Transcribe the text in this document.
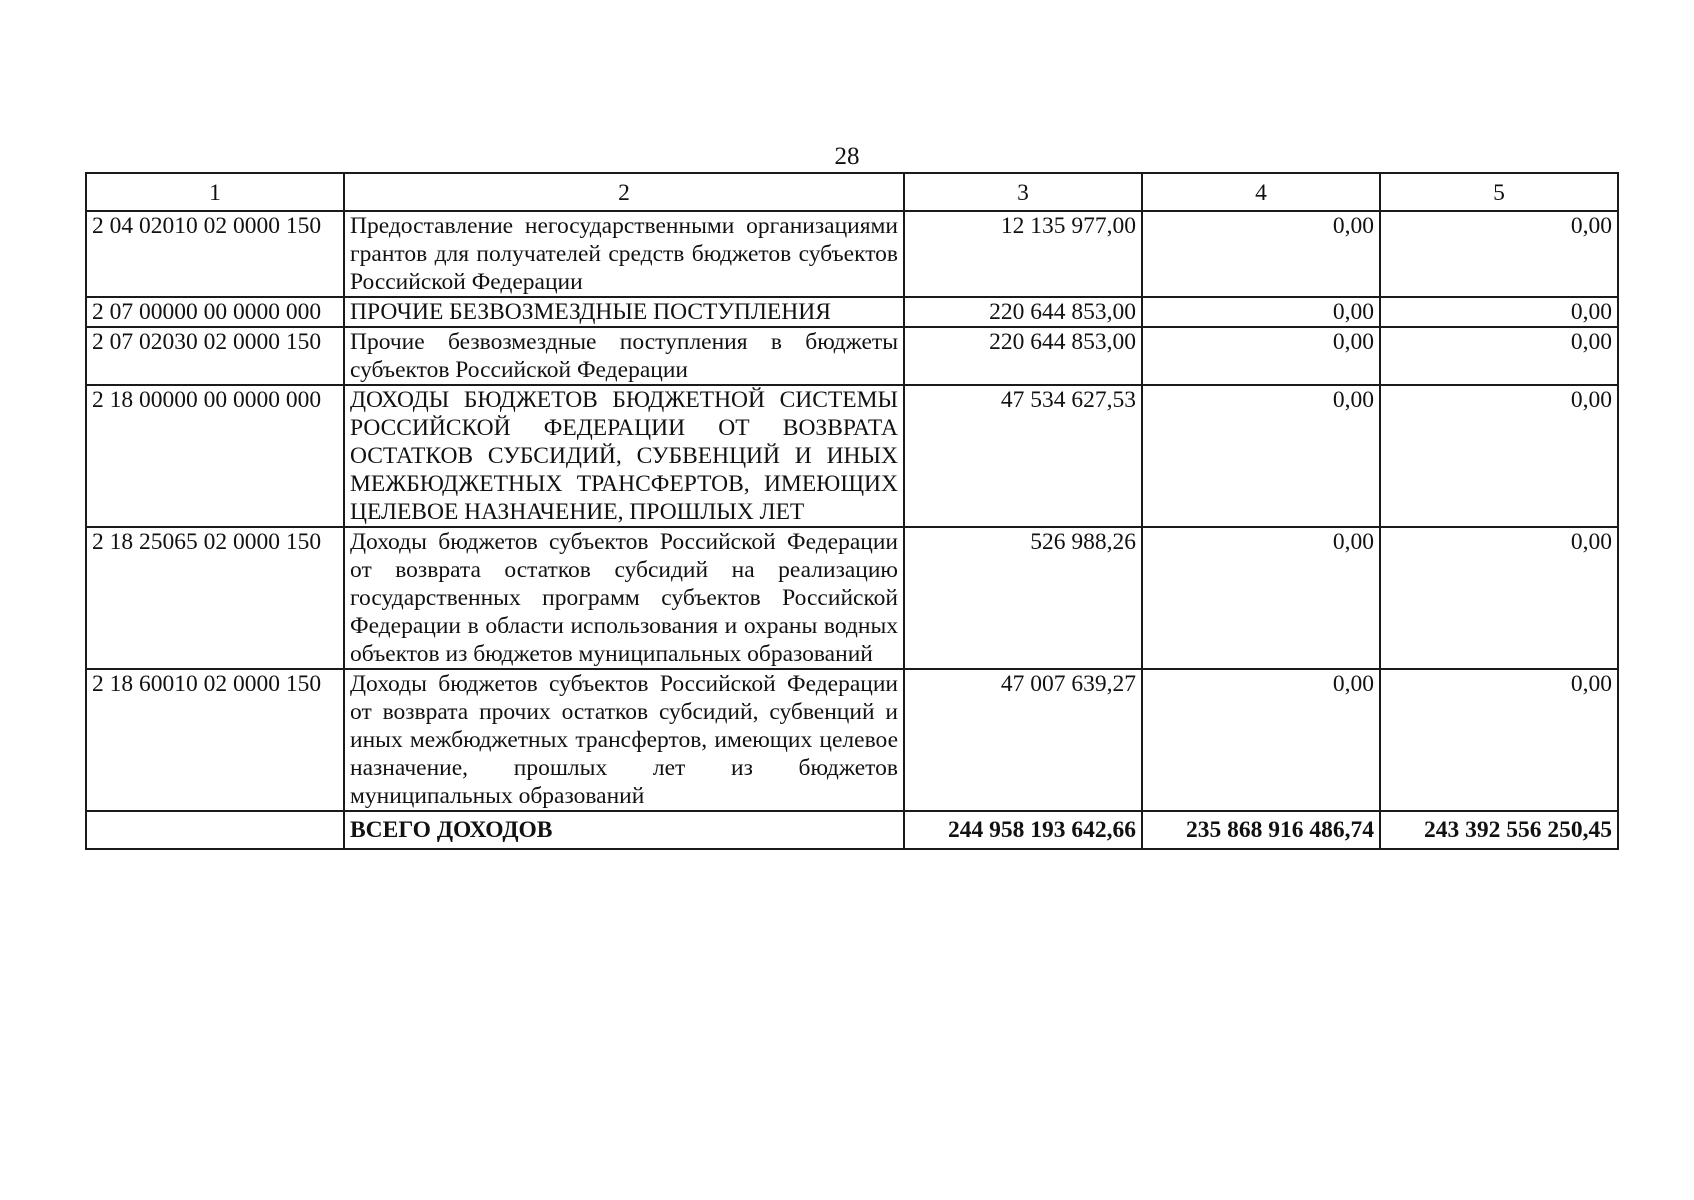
28
1	2	3	4	5
2 04 02010 02 0000 150	Предоставление негосударственными организациями грантов для получателей средств бюджетов субъектов Российской Федерации	12 135 977,00	0,00	0,00
2 07 00000 00 0000 000	ПРОЧИЕ БЕЗВОЗМЕЗДНЫЕ ПОСТУПЛЕНИЯ	220 644 853,00	0,00	0,00
2 07 02030 02 0000 150	Прочие безвозмездные поступления в бюджеты субъектов Российской Федерации	220 644 853,00	0,00	0,00
2 18 00000 00 0000 000	ДОХОДЫ БЮДЖЕТОВ БЮДЖЕТНОЙ СИСТЕМЫ РОССИЙСКОЙ ФЕДЕРАЦИИ ОТ ВОЗВРАТА ОСТАТКОВ СУБСИДИЙ, СУБВЕНЦИЙ И ИНЫХ МЕЖБЮДЖЕТНЫХ ТРАНСФЕРТОВ, ИМЕЮЩИХ ЦЕЛЕВОЕ НАЗНАЧЕНИЕ, ПРОШЛЫХ ЛЕТ	47 534 627,53	0,00	0,00
2 18 25065 02 0000 150	Доходы бюджетов субъектов Российской Федерации от возврата остатков субсидий на реализацию государственных программ субъектов Российской Федерации в области использования и охраны водных объектов из бюджетов муниципальных образований	526 988,26	0,00	0,00
2 18 60010 02 0000 150	Доходы бюджетов субъектов Российской Федерации от возврата прочих остатков субсидий, субвенций и иных межбюджетных трансфертов, имеющих целевое назначение, прошлых лет из бюджетов муниципальных образований	47 007 639,27	0,00	0,00
	ВСЕГО ДОХОДОВ	244 958 193 642,66	235 868 916 486,74	243 392 556 250,45
